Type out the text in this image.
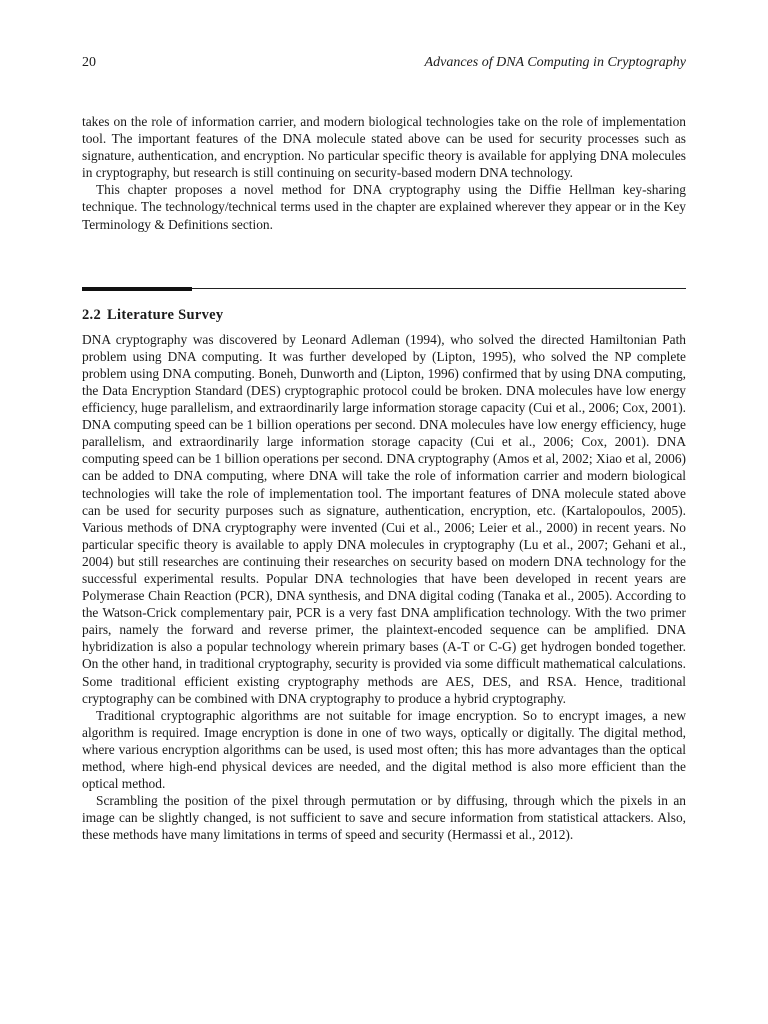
20	Advances of DNA Computing in Cryptography

takes on the role of information carrier, and modern biological technologies take on the role of implementation tool. The important features of the DNA molecule stated above can be used for security processes such as signature, authentication, and encryption. No particular specific theory is available for applying DNA molecules in cryptography, but research is still continuing on security-based modern DNA technology.

This chapter proposes a novel method for DNA cryptography using the Diffie Hellman key-sharing technique. The technology/technical terms used in the chapter are explained wherever they appear or in the Key Terminology & Definitions section.

2.2 Literature Survey

DNA cryptography was discovered by Leonard Adleman (1994), who solved the directed Hamiltonian Path problem using DNA computing. It was further developed by (Lipton, 1995), who solved the NP complete problem using DNA computing. Boneh, Dunworth and (Lipton, 1996) confirmed that by using DNA computing, the Data Encryption Standard (DES) cryptographic protocol could be broken. DNA molecules have low energy efficiency, huge parallelism, and extraordinarily large information storage capacity (Cui et al., 2006; Cox, 2001). DNA computing speed can be 1 billion operations per second. DNA molecules have low energy efficiency, huge parallelism, and extraordinarily large information storage capacity (Cui et al., 2006; Cox, 2001). DNA computing speed can be 1 billion operations per second. DNA cryptography (Amos et al, 2002; Xiao et al, 2006) can be added to DNA computing, where DNA will take the role of information carrier and modern biological technologies will take the role of implementation tool. The important features of DNA molecule stated above can be used for security purposes such as signature, authentication, encryption, etc. (Kartalopoulos, 2005). Various methods of DNA cryptography were invented (Cui et al., 2006; Leier et al., 2000) in recent years. No particular specific theory is available to apply DNA molecules in cryptography (Lu et al., 2007; Gehani et al., 2004) but still researches are continuing their researches on security based on modern DNA technology for the successful experimental results. Popular DNA technologies that have been developed in recent years are Polymerase Chain Reaction (PCR), DNA synthesis, and DNA digital coding (Tanaka et al., 2005). According to the Watson-Crick complementary pair, PCR is a very fast DNA amplification technology. With the two primer pairs, namely the forward and reverse primer, the plaintext-encoded sequence can be amplified. DNA hybridization is also a popular technology wherein primary bases (A-T or C-G) get hydrogen bonded together. On the other hand, in traditional cryptography, security is provided via some difficult mathematical calculations. Some traditional efficient existing cryptography methods are AES, DES, and RSA. Hence, traditional cryptography can be combined with DNA cryptography to produce a hybrid cryptography.

Traditional cryptographic algorithms are not suitable for image encryption. So to encrypt images, a new algorithm is required. Image encryption is done in one of two ways, optically or digitally. The digital method, where various encryption algorithms can be used, is used most often; this has more advantages than the optical method, where high-end physical devices are needed, and the digital method is also more efficient than the optical method.

Scrambling the position of the pixel through permutation or by diffusing, through which the pixels in an image can be slightly changed, is not sufficient to save and secure information from statistical attackers. Also, these methods have many limitations in terms of speed and security (Hermassi et al., 2012).
